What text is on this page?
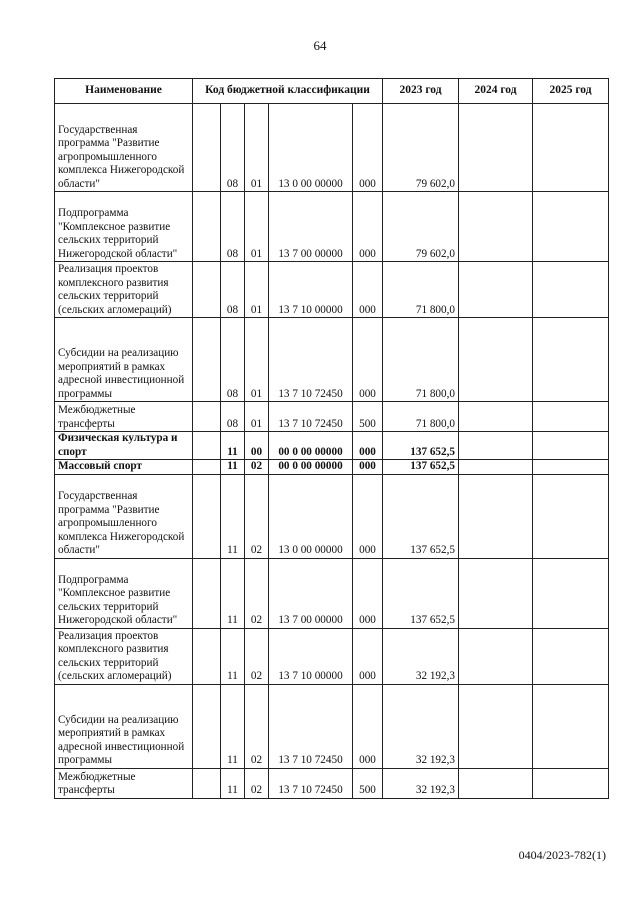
64
Наименование	Код бюджетной классификации					2023 год	2024 год	2025 год
Государственная программа "Развитие агропромышленного комплекса Нижегородской области"		08	01	13 0 00 00000	000	79 602,0		
Подпрограмма "Комплексное развитие сельских территорий Нижегородской области"		08	01	13 7 00 00000	000	79 602,0		
Реализация проектов комплексного развития сельских территорий (сельских агломераций)		08	01	13 7 10 00000	000	71 800,0		
Субсидии на реализацию мероприятий в рамках адресной инвестиционной программы		08	01	13 7 10 72450	000	71 800,0		
Межбюджетные трансферты		08	01	13 7 10 72450	500	71 800,0		
Физическая культура и спорт		11	00	00 0 00 00000	000	137 652,5		
Массовый спорт		11	02	00 0 00 00000	000	137 652,5		
Государственная программа "Развитие агропромышленного комплекса Нижегородской области"		11	02	13 0 00 00000	000	137 652,5		
Подпрограмма "Комплексное развитие сельских территорий Нижегородской области"		11	02	13 7 00 00000	000	137 652,5		
Реализация проектов комплексного развития сельских территорий (сельских агломераций)		11	02	13 7 10 00000	000	32 192,3		
Субсидии на реализацию мероприятий в рамках адресной инвестиционной программы		11	02	13 7 10 72450	000	32 192,3		
Межбюджетные трансферты		11	02	13 7 10 72450	500	32 192,3		
0404/2023-782(1)
